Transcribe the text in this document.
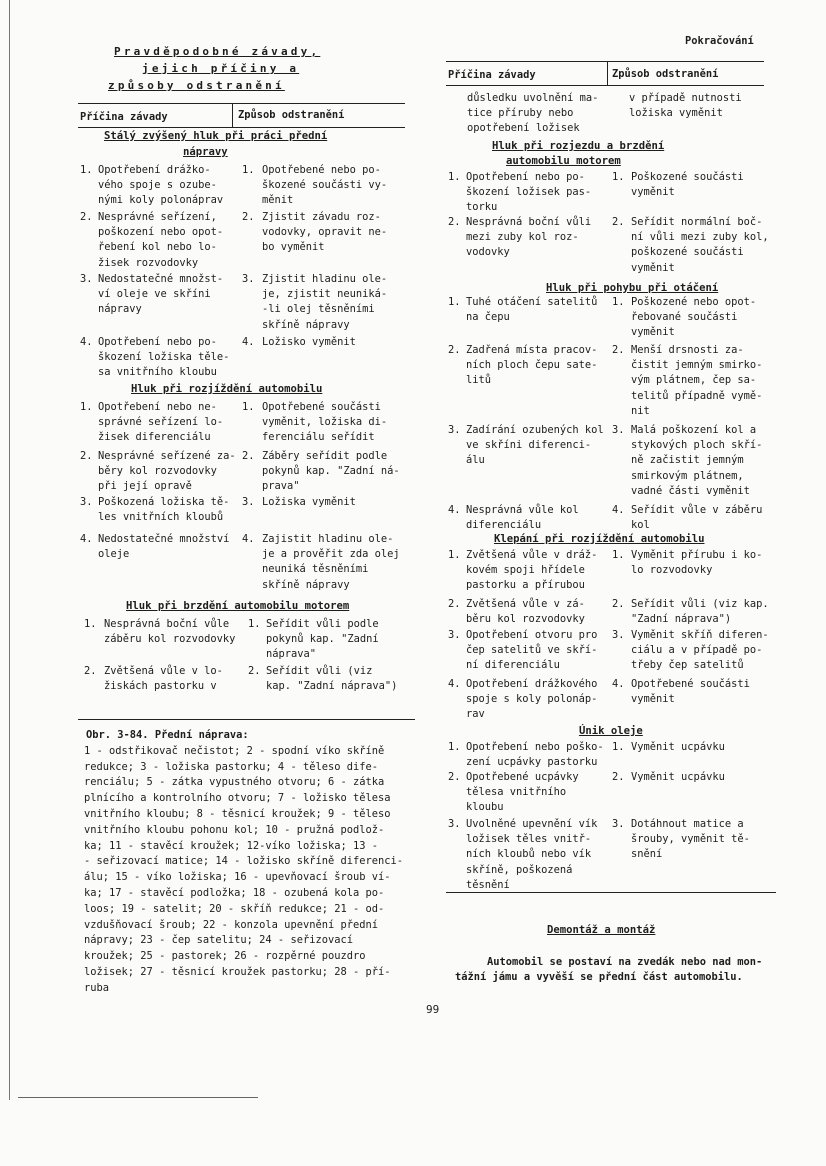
Pokračování
Pravděpodobné závady,
jejich příčiny a
způsoby odstranění
Příčina závady	Způsob odstranění
Stálý zvýšený hluk při práci přední
nápravy
1. Opotřebení drážko-
vého spoje s ozube-
nými koly polonáprav
1. Opotřebené nebo po-
škozené součásti vy-
měnit
2. Nesprávné seřízení,
poškození nebo opot-
řebení kol nebo lo-
žisek rozvodovky
2. Zjistit závadu roz-
vodovky, opravit ne-
bo vyměnit
3. Nedostatečné množst-
ví oleje ve skříni
nápravy
3. Zjistit hladinu ole-
je, zjistit neuniká-
-li olej těsněními
skříně nápravy
4. Opotřebení nebo po-
škození ložiska těle-
sa vnitřního kloubu
4. Ložisko vyměnit
1. Opotřebení nebo ne-
správné seřízení lo-
žisek diferenciálu
1. Opotřebené součásti
vyměnit, ložiska di-
ferenciálu seřídit
2. Nesprávné seřízené za-
běry kol rozvodovky
při její opravě
2. Záběry seřídit podle
pokynů kap. "Zadní ná-
prava"
3. Poškozená ložiska tě-
les vnitřních kloubů
3. Ložiska vyměnit
4. Nedostatečné množství
oleje
4. Zajistit hladinu ole-
je a prověřit zda olej
neuniká těsněními
skříně nápravy
1. Nesprávná boční vůle
záběru kol rozvodovky
1. Seřídit vůli podle
pokynů kap. "Zadní
náprava"
2. Zvětšená vůle v lo-
žiskách pastorku v
2. Seřídit vůli (viz
kap. "Zadní náprava")
Hluk při rozjíždění automobilu
Hluk při brzdění automobilu motorem
Obr. 3-84. Přední náprava:
1 - odstřikovač nečistot; 2 - spodní víko skříně
redukce; 3 - ložiska pastorku; 4 - těleso dife-
renciálu; 5 - zátka vypustného otvoru; 6 - zátka
plnícího a kontrolního otvoru; 7 - ložisko tělesa
vnitřního kloubu; 8 - těsnicí kroužek; 9 - těleso
vnitřního kloubu pohonu kol; 10 - pružná podlož-
ka; 11 - stavěcí kroužek; 12-víko ložiska; 13 -
- seřizovací matice; 14 - ložisko skříně diferenci-
álu; 15 - víko ložiska; 16 - upevňovací šroub ví-
ka; 17 - stavěcí podložka; 18 - ozubená kola po-
loos; 19 - satelit; 20 - skříň redukce; 21 - od-
vzdušňovací šroub; 22 - konzola upevnění přední
nápravy; 23 - čep satelitu; 24 - seřizovací
kroužek; 25 - pastorek; 26 - rozpěrné pouzdro
ložisek; 27 - těsnicí kroužek pastorku; 28 - pří-
ruba
Příčina závady	Způsob odstranění
Hluk při rozjezdu a brzdění
automobilu motorem
Hluk při pohybu při otáčení
Klepání při rozjíždění automobilu
Únik oleje
důsledku uvolnění ma-
tice příruby nebo
opotřebení ložisek
v případě nutnosti
ložiska vyměnit
1. Opotřebení nebo po-
škození ložisek pas-
torku
1. Poškozené součásti
vyměnit
2. Nesprávná boční vůli
mezi zuby kol roz-
vodovky
2. Seřídit normální boč-
ní vůli mezi zuby kol,
poškozené součásti
vyměnit
1. Tuhé otáčení satelitů
na čepu
1. Poškozené nebo opot-
řebované součásti
vyměnit
2. Zadřená místa pracov-
ních ploch čepu sate-
litů
2. Menší drsnosti za-
čistit jemným smirko-
vým plátnem, čep sa-
telitů případně vymě-
nit
3. Zadírání ozubených kol
ve skříni diferenci-
álu
3. Malá poškození kol a
stykových ploch skří-
ně začistit jemným
smirkovým plátnem,
vadné části vyměnit
4. Nesprávná vůle kol
diferenciálu
4. Seřídit vůle v záběru
kol
1. Zvětšená vůle v dráž-
kovém spoji hřídele
pastorku a přírubou
1. Vyměnit přírubu i ko-
lo rozvodovky
2. Zvětšená vůle v zá-
běru kol rozvodovky
2. Seřídit vůli (viz kap.
"Zadní náprava")
3. Opotřebení otvoru pro
čep satelitů ve skří-
ní diferenciálu
3. Vyměnit skříň diferen-
ciálu a v případě po-
třeby čep satelitů
4. Opotřebení drážkového
spoje s koly polonáp-
rav
4. Opotřebené součásti
vyměnit
1. Opotřebení nebo poško-
zení ucpávky pastorku
1. Vyměnit ucpávku
2. Opotřebené ucpávky
tělesa vnitřního
kloubu
2. Vyměnit ucpávku
3. Uvolněné upevnění vík
ložisek těles vnitř-
ních kloubů nebo vík
skříně, poškozená
těsnění
3. Dotáhnout matice a
šrouby, vyměnit tě-
snění
Demontáž a montáž
Automobil se postaví na zvedák nebo nad mon-
tážní jámu a vyvěší se přední část automobilu.
99
